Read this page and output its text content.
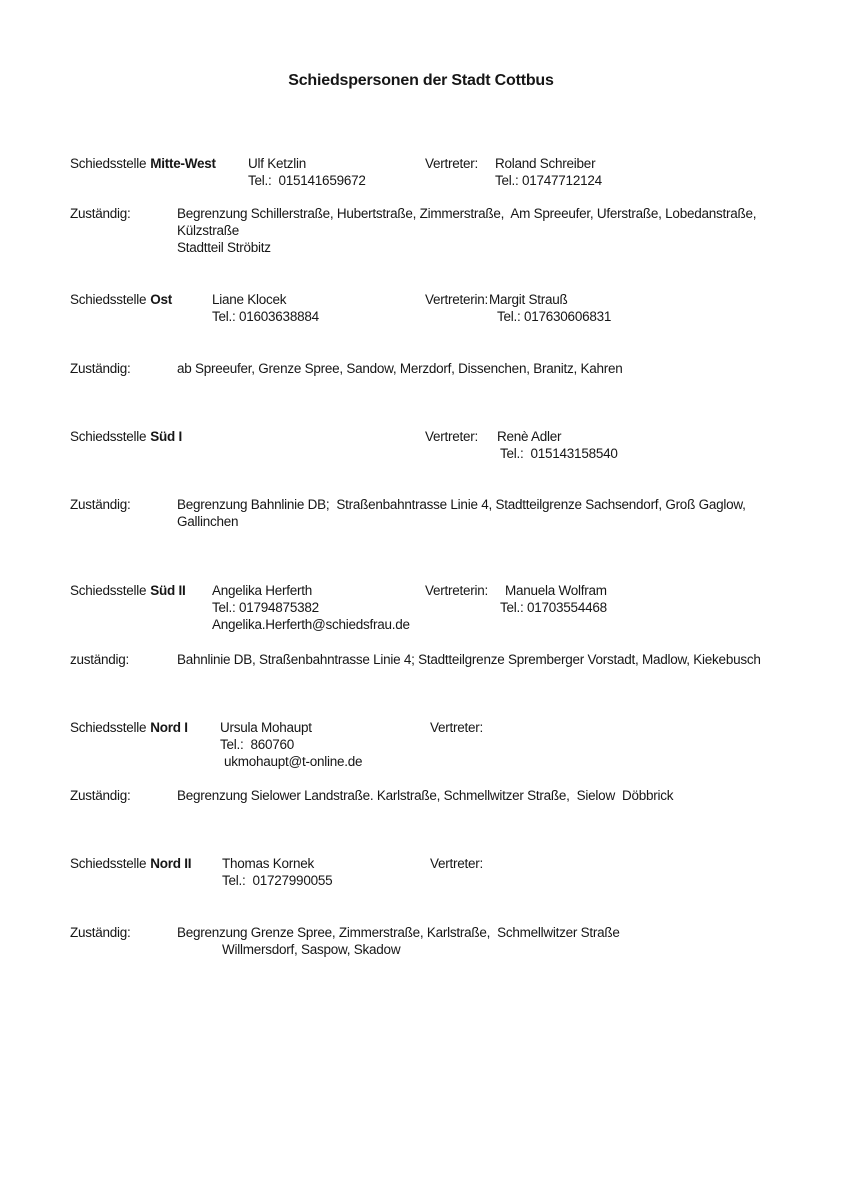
Schiedspersonen der Stadt Cottbus
Schiedsstelle Mitte-West Ulf Ketzlin	Vertreter: Roland Schreiber
Tel.:  015141659672	Tel.: 01747712124
Zuständig:	Begrenzung Schillerstraße, Hubertstraße, Zimmerstraße,  Am Spreeufer, Uferstraße, Lobedanstraße,
Külzstraße
Stadtteil Ströbitz
Schiedsstelle Ost	Liane Klocek	Vertreterin: Margit Strauß
Tel.: 01603638884	Tel.: 017630606831
Zuständig:	ab Spreeufer, Grenze Spree, Sandow, Merzdorf, Dissenchen, Branitz, Kahren
Schiedsstelle Süd I	Vertreter: Renè Adler
Tel.:  015143158540
Zuständig:	Begrenzung Bahnlinie DB;  Straßenbahntrasse Linie 4, Stadtteilgrenze Sachsendorf, Groß Gaglow,
Gallinchen
Schiedsstelle Süd II Angelika Herferth	Vertreterin: Manuela Wolfram
Tel.: 01794875382	Tel.: 01703554468
Angelika.Herferth@schiedsfrau.de
zuständig:	Bahnlinie DB, Straßenbahntrasse Linie 4; Stadtteilgrenze Spremberger Vorstadt, Madlow, Kiekebusch
Schiedsstelle Nord I Ursula Mohaupt	Vertreter:
Tel.:  860760
ukmohaupt@t-online.de
Zuständig:	Begrenzung Sielower Landstraße. Karlstraße, Schmellwitzer Straße,  Sielow  Döbbrick
Schiedsstelle Nord II Thomas Kornek	Vertreter:
Tel.:  01727990055
Zuständig:	Begrenzung Grenze Spree, Zimmerstraße, Karlstraße,  Schmellwitzer Straße
Willmersdorf, Saspow, Skadow
